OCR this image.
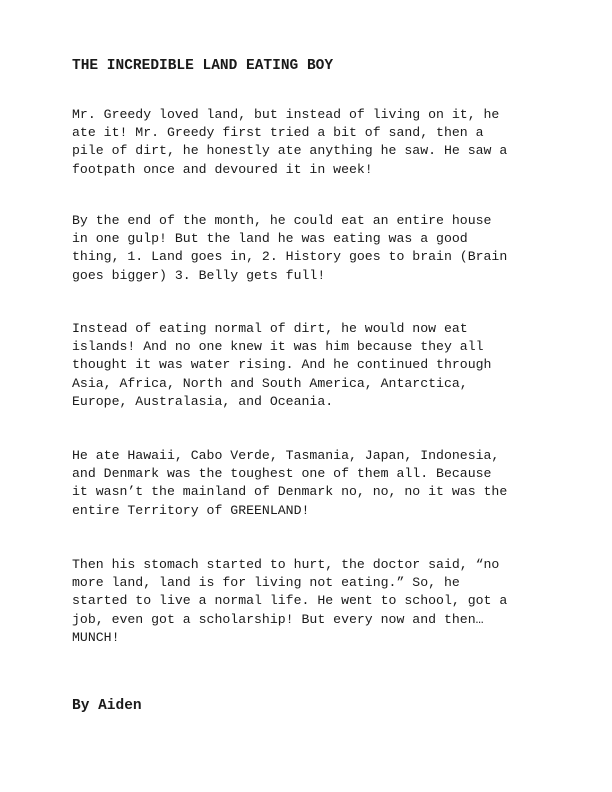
THE INCREDIBLE LAND EATING BOY

Mr. Greedy loved land, but instead of living on it, he
ate it! Mr. Greedy first tried a bit of sand, then a
pile of dirt, he honestly ate anything he saw. He saw a
footpath once and devoured it in week!

By the end of the month, he could eat an entire house
in one gulp! But the land he was eating was a good
thing, 1. Land goes in, 2. History goes to brain (Brain
goes bigger) 3. Belly gets full!

Instead of eating normal of dirt, he would now eat
islands! And no one knew it was him because they all
thought it was water rising. And he continued through
Asia, Africa, North and South America, Antarctica,
Europe, Australasia, and Oceania.

He ate Hawaii, Cabo Verde, Tasmania, Japan, Indonesia,
and Denmark was the toughest one of them all. Because
it wasn’t the mainland of Denmark no, no, no it was the
entire Territory of GREENLAND!

Then his stomach started to hurt, the doctor said, “no
more land, land is for living not eating.” So, he
started to live a normal life. He went to school, got a
job, even got a scholarship! But every now and then…
MUNCH!

By Aiden
